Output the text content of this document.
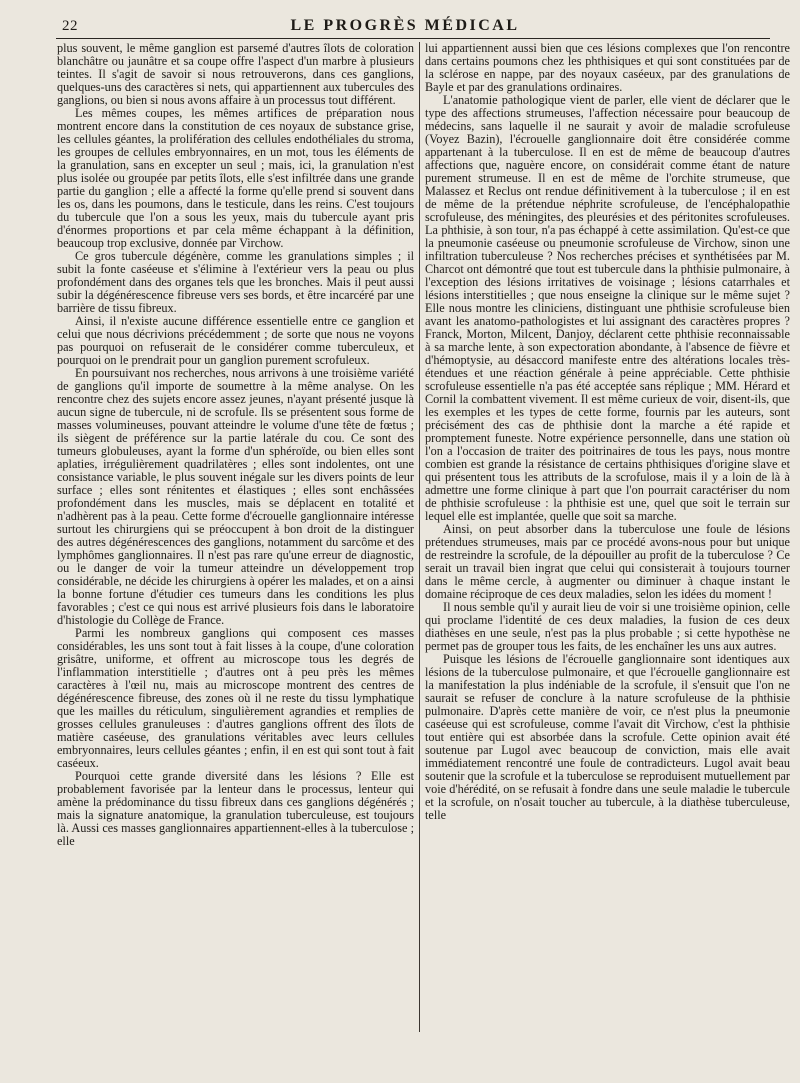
22	LE PROGRÈS MÉDICAL

plus souvent, le même ganglion est parsemé d'autres îlots de coloration blanchâtre ou jaunâtre et sa coupe offre l'aspect d'un marbre à plusieurs teintes. Il s'agit de savoir si nous retrouverons, dans ces ganglions, quelques-uns des caractères si nets, qui appartiennent aux tubercules des ganglions, ou bien si nous avons affaire à un processus tout différent.

Les mêmes coupes, les mêmes artifices de préparation nous montrent encore dans la constitution de ces noyaux de substance grise, les cellules géantes, la prolifération des cellules endothéliales du stroma, les groupes de cellules embryonnaires, en un mot, tous les éléments de la granulation, sans en excepter un seul ; mais, ici, la granulation n'est plus isolée ou groupée par petits îlots, elle s'est infiltrée dans une grande partie du ganglion ; elle a affecté la forme qu'elle prend si souvent dans les os, dans les poumons, dans le testicule, dans les reins. C'est toujours du tubercule que l'on a sous les yeux, mais du tubercule ayant pris d'énormes proportions et par cela même échappant à la définition, beaucoup trop exclusive, donnée par Virchow.

Ce gros tubercule dégénère, comme les granulations simples ; il subit la fonte caséeuse et s'élimine à l'extérieur vers la peau ou plus profondément dans des organes tels que les bronches. Mais il peut aussi subir la dégénérescence fibreuse vers ses bords, et être incarcéré par une barrière de tissu fibreux.

Ainsi, il n'existe aucune différence essentielle entre ce ganglion et celui que nous décrivions précédemment ; de sorte que nous ne voyons pas pourquoi on refuserait de le considérer comme tuberculeux, et pourquoi on le prendrait pour un ganglion purement scrofuleux.

En poursuivant nos recherches, nous arrivons à une troisième variété de ganglions qu'il importe de soumettre à la même analyse. On les rencontre chez des sujets encore assez jeunes, n'ayant présenté jusque là aucun signe de tubercule, ni de scrofule. Ils se présentent sous forme de masses volumineuses, pouvant atteindre le volume d'une tête de fœtus ; ils siègent de préférence sur la partie latérale du cou. Ce sont des tumeurs globuleuses, ayant la forme d'un sphéroïde, ou bien elles sont aplaties, irrégulièrement quadrilatères ; elles sont indolentes, ont une consistance variable, le plus souvent inégale sur les divers points de leur surface ; elles sont rénitentes et élastiques ; elles sont enchâssées profondément dans les muscles, mais se déplacent en totalité et n'adhèrent pas à la peau. Cette forme d'écrouelle ganglionnaire intéresse surtout les chirurgiens qui se préoccupent à bon droit de la distinguer des autres dégénérescences des ganglions, notamment du sarcôme et des lymphômes ganglionnaires. Il n'est pas rare qu'une erreur de diagnostic, ou le danger de voir la tumeur atteindre un développement trop considérable, ne décide les chirurgiens à opérer les malades, et on a ainsi la bonne fortune d'étudier ces tumeurs dans les conditions les plus favorables ; c'est ce qui nous est arrivé plusieurs fois dans le laboratoire d'histologie du Collège de France.

Parmi les nombreux ganglions qui composent ces masses considérables, les uns sont tout à fait lisses à la coupe, d'une coloration grisâtre, uniforme, et offrent au microscope tous les degrés de l'inflammation interstitielle ; d'autres ont à peu près les mêmes caractères à l'œil nu, mais au microscope montrent des centres de dégénérescence fibreuse, des zones où il ne reste du tissu lymphatique que les mailles du réticulum, singulièrement agrandies et remplies de grosses cellules granuleuses : d'autres ganglions offrent des îlots de matière caséeuse, des granulations véritables avec leurs cellules embryonnaires, leurs cellules géantes ; enfin, il en est qui sont tout à fait caséeux.

Pourquoi cette grande diversité dans les lésions ? Elle est probablement favorisée par la lenteur dans le processus, lenteur qui amène la prédominance du tissu fibreux dans ces ganglions dégénérés ; mais la signature anatomique, la granulation tuberculeuse, est toujours là. Aussi ces masses ganglionnaires appartiennent-elles à la tuberculose ; elle

lui appartiennent aussi bien que ces lésions complexes que l'on rencontre dans certains poumons chez les phthisiques et qui sont constituées par de la sclérose en nappe, par des noyaux caséeux, par des granulations de Bayle et par des granulations ordinaires.

L'anatomie pathologique vient de parler, elle vient de déclarer que le type des affections strumeuses, l'affection nécessaire pour beaucoup de médecins, sans laquelle il ne saurait y avoir de maladie scrofuleuse (Voyez Bazin), l'écrouelle ganglionnaire doit être considérée comme appartenant à la tuberculose. Il en est de même de beaucoup d'autres affections que, naguère encore, on considérait comme étant de nature purement strumeuse. Il en est de même de l'orchite strumeuse, que Malassez et Reclus ont rendue définitivement à la tuberculose ; il en est de même de la prétendue néphrite scrofuleuse, de l'encéphalopathie scrofuleuse, des méningites, des pleurésies et des péritonites scrofuleuses. La phthisie, à son tour, n'a pas échappé à cette assimilation. Qu'est-ce que la pneumonie caséeuse ou pneumonie scrofuleuse de Virchow, sinon une infiltration tuberculeuse ? Nos recherches précises et synthétisées par M. Charcot ont démontré que tout est tubercule dans la phthisie pulmonaire, à l'exception des lésions irritatives de voisinage ; lésions catarrhales et lésions interstitielles ; que nous enseigne la clinique sur le même sujet ? Elle nous montre les cliniciens, distinguant une phthisie scrofuleuse bien avant les anatomo-pathologistes et lui assignant des caractères propres ? Franck, Morton, Milcent, Danjoy, déclarent cette phthisie reconnaissable à sa marche lente, à son expectoration abondante, à l'absence de fièvre et d'hémoptysie, au désaccord manifeste entre des altérations locales très-étendues et une réaction générale à peine appréciable. Cette phthisie scrofuleuse essentielle n'a pas été acceptée sans réplique ; MM. Hérard et Cornil la combattent vivement. Il est même curieux de voir, disent-ils, que les exemples et les types de cette forme, fournis par les auteurs, sont précisément des cas de phthisie dont la marche a été rapide et promptement funeste. Notre expérience personnelle, dans une station où l'on a l'occasion de traiter des poitrinaires de tous les pays, nous montre combien est grande la résistance de certains phthisiques d'origine slave et qui présentent tous les attributs de la scrofulose, mais il y a loin de là à admettre une forme clinique à part que l'on pourrait caractériser du nom de phthisie scrofuleuse : la phthisie est une, quel que soit le terrain sur lequel elle est implantée, quelle que soit sa marche.

Ainsi, on peut absorber dans la tuberculose une foule de lésions prétendues strumeuses, mais par ce procédé avons-nous pour but unique de restreindre la scrofule, de la dépouiller au profit de la tuberculose ? Ce serait un travail bien ingrat que celui qui consisterait à toujours tourner dans le même cercle, à augmenter ou diminuer à chaque instant le domaine réciproque de ces deux maladies, selon les idées du moment !

Il nous semble qu'il y aurait lieu de voir si une troisième opinion, celle qui proclame l'identité de ces deux maladies, la fusion de ces deux diathèses en une seule, n'est pas la plus probable ; si cette hypothèse ne permet pas de grouper tous les faits, de les enchaîner les uns aux autres.

Puisque les lésions de l'écrouelle ganglionnaire sont identiques aux lésions de la tuberculose pulmonaire, et que l'écrouelle ganglionnaire est la manifestation la plus indéniable de la scrofule, il s'ensuit que l'on ne saurait se refuser de conclure à la nature scrofuleuse de la phthisie pulmonaire. D'après cette manière de voir, ce n'est plus la pneumonie caséeuse qui est scrofuleuse, comme l'avait dit Virchow, c'est la phthisie tout entière qui est absorbée dans la scrofule. Cette opinion avait été soutenue par Lugol avec beaucoup de conviction, mais elle avait immédiatement rencontré une foule de contradicteurs. Lugol avait beau soutenir que la scrofule et la tuberculose se reproduisent mutuellement par voie d'hérédité, on se refusait à fondre dans une seule maladie le tubercule et la scrofule, on n'osait toucher au tubercule, à la diathèse tuberculeuse, telle
